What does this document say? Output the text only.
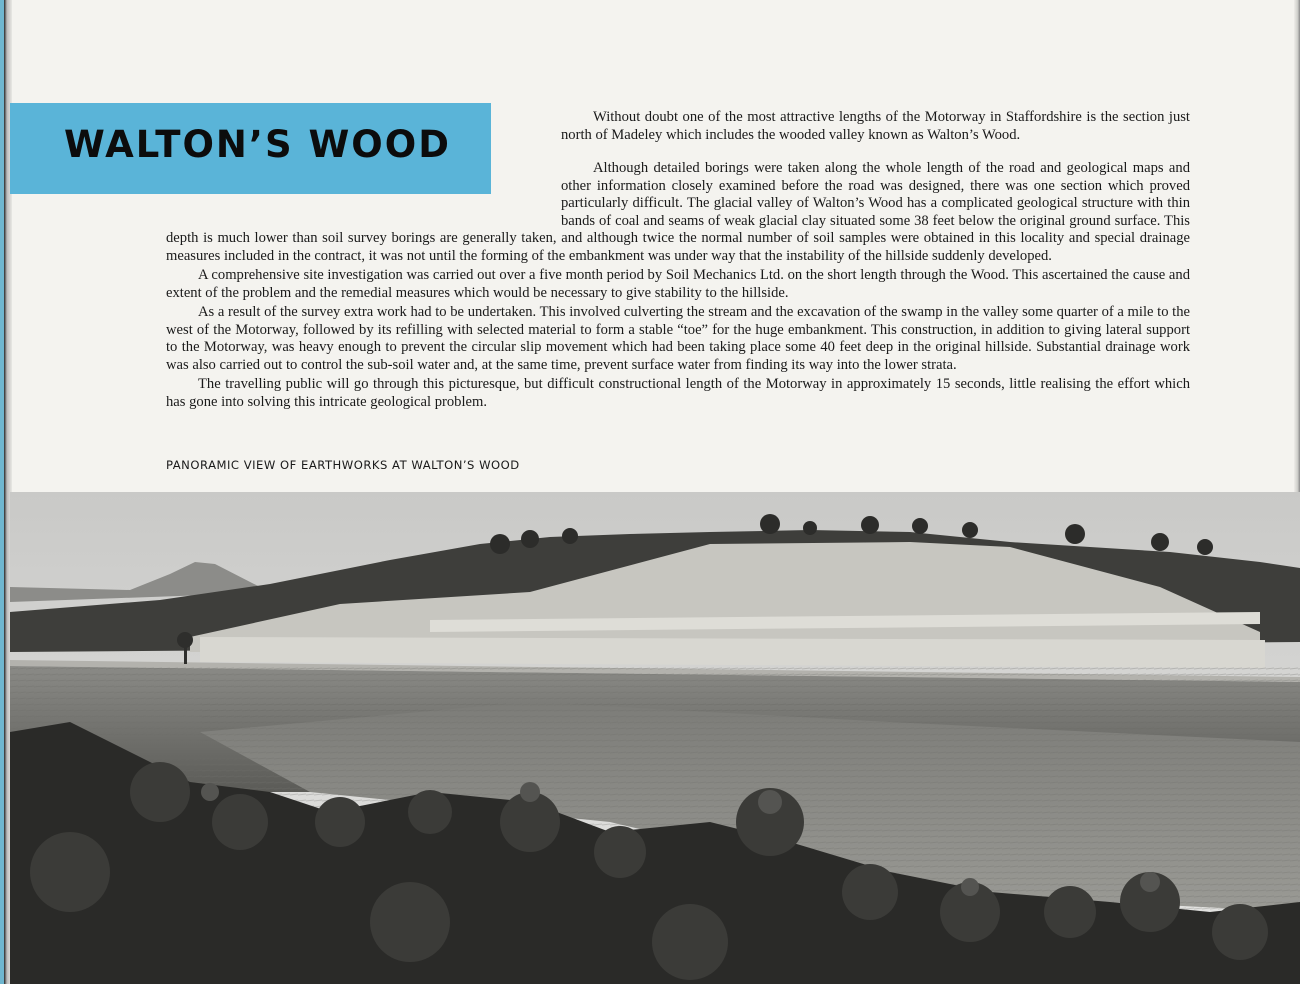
WALTON’S WOOD

Without doubt one of the most attractive lengths of the Motorway in Staffordshire is the section just north of Madeley which includes the wooded valley known as Walton’s Wood.

Although detailed borings were taken along the whole length of the road and geological maps and other information closely examined before the road was designed, there was one section which proved particularly difficult. The glacial valley of Walton’s Wood has a complicated geological structure with thin bands of coal and seams of weak glacial clay situated some 38 feet below the original ground surface. This depth is much lower than soil survey borings are generally taken, and although twice the normal number of soil samples were obtained in this locality and special drainage measures included in the contract, it was not until the forming of the embankment was under way that the instability of the hillside suddenly developed.

A comprehensive site investigation was carried out over a five month period by Soil Mechanics Ltd. on the short length through the Wood. This ascertained the cause and extent of the problem and the remedial measures which would be necessary to give stability to the hillside.

As a result of the survey extra work had to be undertaken. This involved culverting the stream and the excavation of the swamp in the valley some quarter of a mile to the west of the Motorway, followed by its refilling with selected material to form a stable “toe” for the huge embankment. This construction, in addition to giving lateral support to the Motorway, was heavy enough to prevent the circular slip movement which had been taking place some 40 feet deep in the original hillside. Substantial drainage work was also carried out to control the sub-soil water and, at the same time, prevent surface water from finding its way into the lower strata.

The travelling public will go through this picturesque, but difficult constructional length of the Motorway in approximately 15 seconds, little realising the effort which has gone into solving this intricate geological problem.

PANORAMIC VIEW OF EARTHWORKS AT WALTON’S WOOD
